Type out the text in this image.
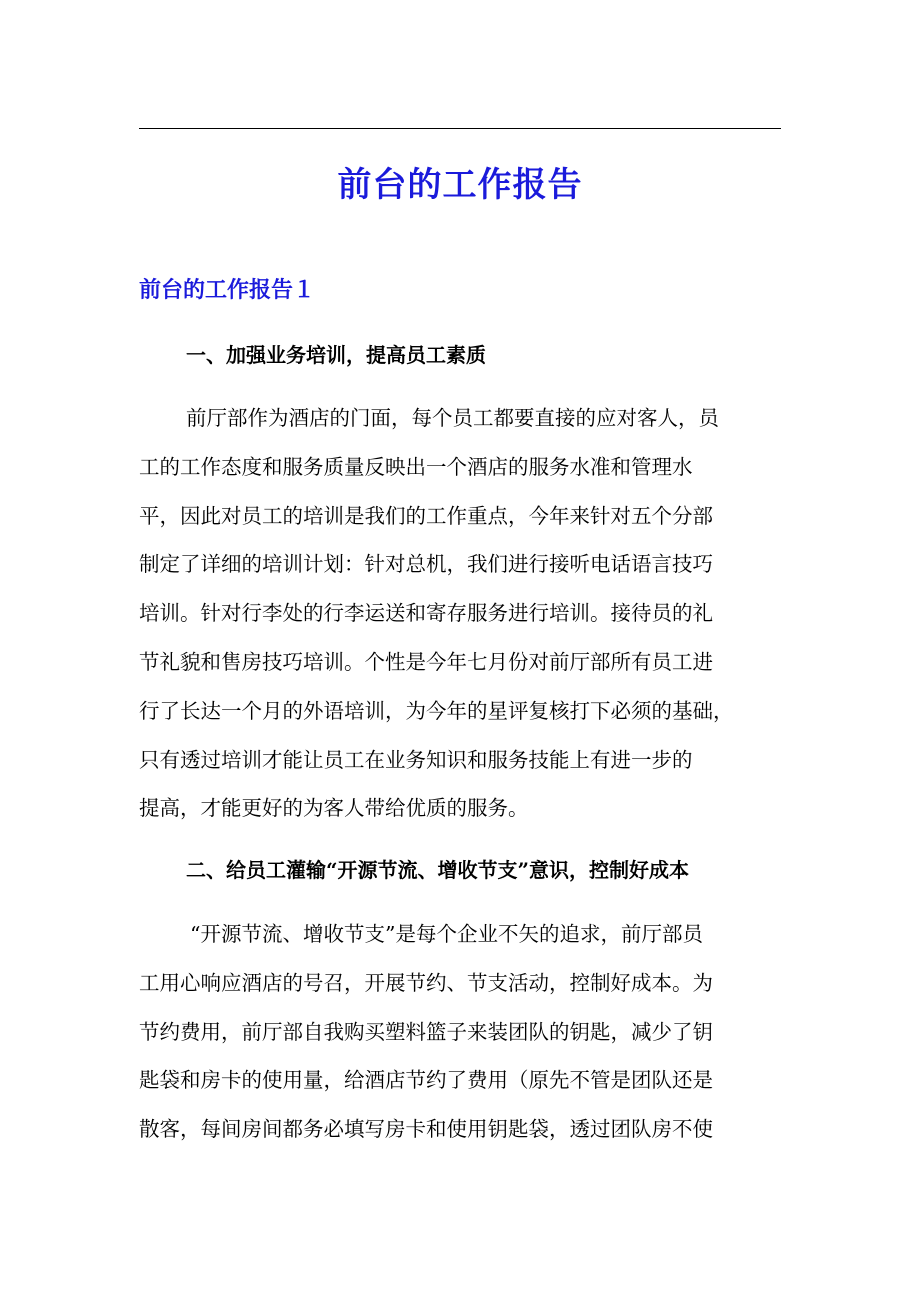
前台的工作报告
前台的工作报告１
一、加强业务培训，提高员工素质
前厅部作为酒店的门面，每个员工都要直接的应对客人，员
工的工作态度和服务质量反映出一个酒店的服务水准和管理水
平，因此对员工的培训是我们的工作重点，今年来针对五个分部
制定了详细的培训计划：针对总机，我们进行接听电话语言技巧
培训。针对行李处的行李运送和寄存服务进行培训。接待员的礼
节礼貌和售房技巧培训。个性是今年七月份对前厅部所有员工进
行了长达一个月的外语培训，为今年的星评复核打下必须的基础，
只有透过培训才能让员工在业务知识和服务技能上有进一步的
提高，才能更好的为客人带给优质的服务。
二、给员工灌输“开源节流、增收节支”意识，控制好成本
“开源节流、增收节支”是每个企业不矢的追求，前厅部员
工用心响应酒店的号召，开展节约、节支活动，控制好成本。为
节约费用，前厅部自我购买塑料篮子来装团队的钥匙，减少了钥
匙袋和房卡的使用量，给酒店节约了费用（原先不管是团队还是
散客，每间房间都务必填写房卡和使用钥匙袋，透过团队房不使
